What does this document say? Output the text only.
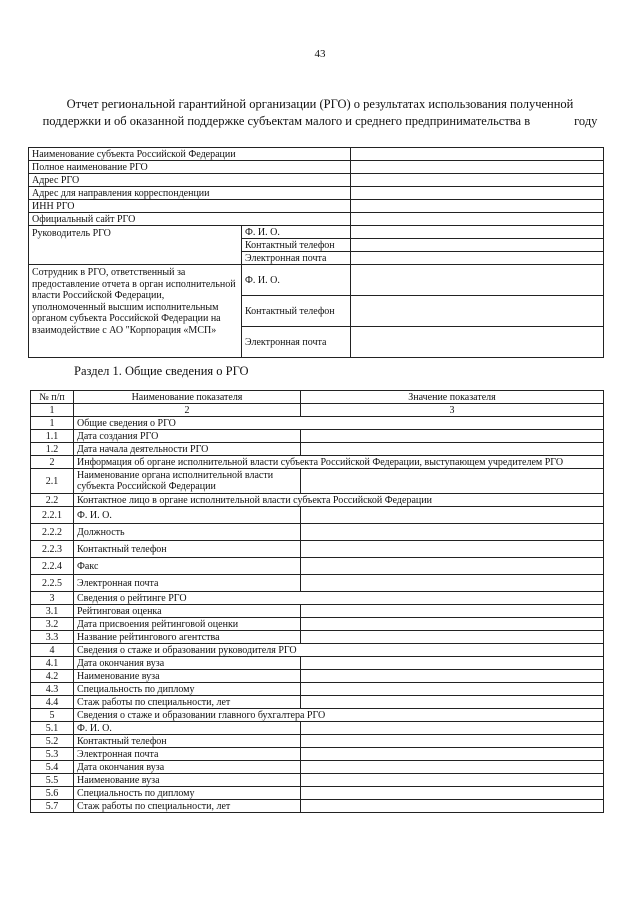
43
Отчет региональной гарантийной организации (РГО) о результатах использования полученной
поддержки и об оказанной поддержке субъектам малого и среднего предпринимательства в	году
Наименование субъекта Российской Федерации		
Полное наименование РГО		
Адрес РГО		
Адрес для направления корреспонденции		
ИНН РГО		
Официальный сайт РГО		
Руководитель РГО	Ф. И. О.	
	Контактный телефон	
	Электронная почта	
Сотрудник в РГО, ответственный за предоставление отчета в орган исполнительной власти Российской Федерации, уполномоченный высшим исполнительным органом субъекта Российской Федерации на взаимодействие с АО "Корпорация «МСП»	Ф. И. О.	
	Контактный телефон	
	Электронная почта	
Раздел 1. Общие сведения о РГО
№ п/п	Наименование показателя	Значение показателя
1	2	3
1	Общие сведения о РГО	
1.1	Дата создания РГО	
1.2	Дата начала деятельности РГО	
2	Информация об органе исполнительной власти субъекта Российской Федерации, выступающем учредителем РГО	
2.1	Наименование органа исполнительной власти субъекта Российской Федерации	
2.2	Контактное лицо в органе исполнительной власти субъекта Российской Федерации	
2.2.1	Ф. И. О.	
2.2.2	Должность	
2.2.3	Контактный телефон	
2.2.4	Факс	
2.2.5	Электронная почта	
3	Сведения о рейтинге РГО	
3.1	Рейтинговая оценка	
3.2	Дата присвоения рейтинговой оценки	
3.3	Название рейтингового агентства	
4	Сведения о стаже и образовании руководителя РГО	
4.1	Дата окончания вуза	
4.2	Наименование вуза	
4.3	Специальность по диплому	
4.4	Стаж работы по специальности, лет	
5	Сведения о стаже и образовании главного бухгалтера РГО	
5.1	Ф. И. О.	
5.2	Контактный телефон	
5.3	Электронная почта	
5.4	Дата окончания вуза	
5.5	Наименование вуза	
5.6	Специальность по диплому	
5.7	Стаж работы по специальности, лет	
